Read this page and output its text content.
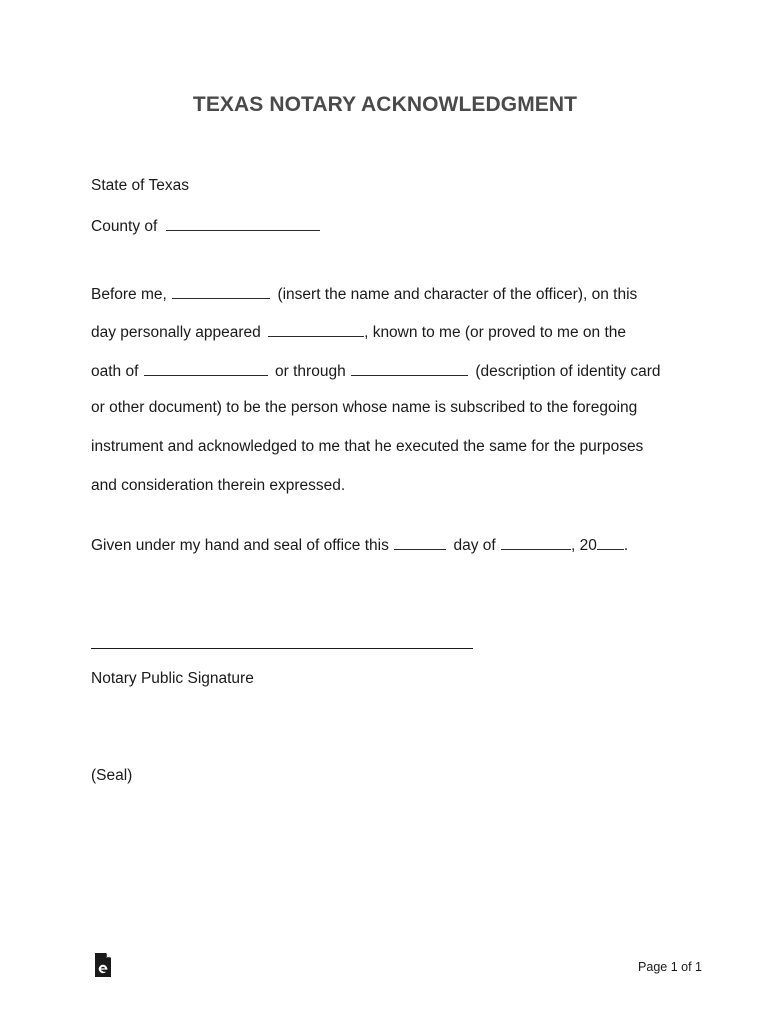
TEXAS NOTARY ACKNOWLEDGMENT
State of Texas
County of
Before me,	(insert the name and character of the officer), on this
day personally appeared	, known to me (or proved to me on the
oath of	or through	(description of identity card
or other document) to be the person whose name is subscribed to the foregoing
instrument and acknowledged to me that he executed the same for the purposes
and consideration therein expressed.
Given under my hand and seal of office this	day of	, 20 .
Notary Public Signature
(Seal)
Page 1 of 1
